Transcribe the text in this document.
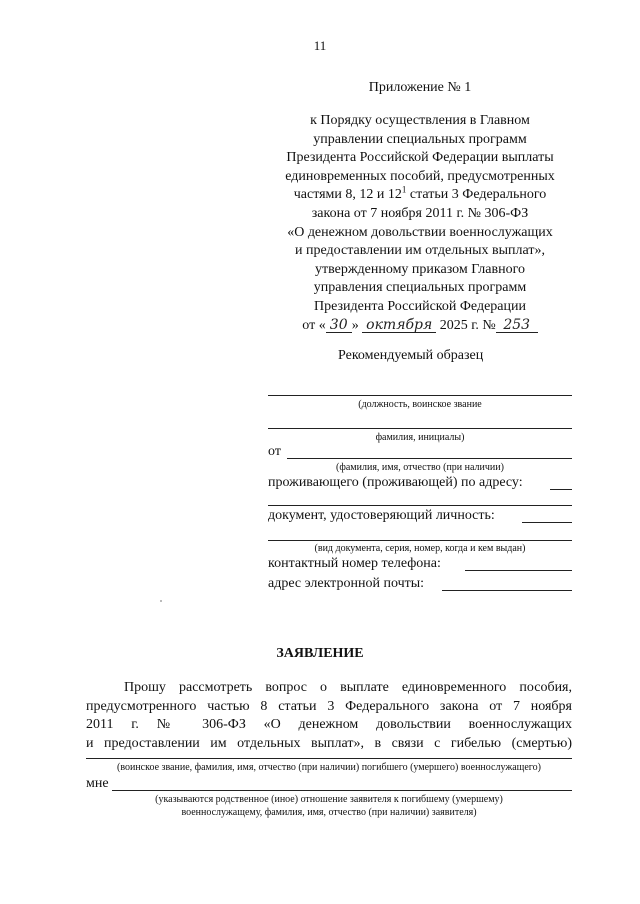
11
Приложение № 1
к Порядку осуществления в Главном
управлении специальных программ
Президента Российской Федерации выплаты
единовременных пособий, предусмотренных
частями 8, 12 и $12^1$ статьи 3 Федерального
закона от 7 ноября 2011 г. № 306-ФЗ
«О денежном довольствии военнослужащих
и предоставлении им отдельных выплат»,
утвержденному приказом Главного
управления специальных программ
Президента Российской Федерации
от « 30 » октября 2025 г. № 253
Рекомендуемый образец
(должность, воинское звание
фамилия, инициалы)
от
(фамилия, имя, отчество (при наличии)
проживающего (проживающей) по адресу:
документ, удостоверяющий личность:
(вид документа, серия, номер, когда и кем выдан)
контактный номер телефона:
адрес электронной почты:
ЗАЯВЛЕНИЕ
Прошу рассмотреть вопрос о выплате единовременного пособия,
предусмотренного частью 8 статьи 3 Федерального закона от 7 ноября
2011 г. № 306-ФЗ «О денежном довольствии военнослужащих
и предоставлении им отдельных выплат», в связи с гибелью (смертью)
(воинское звание, фамилия, имя, отчество (при наличии) погибшего (умершего) военнослужащего)
мне
(указываются родственное (иное) отношение заявителя к погибшему (умершему)
военнослужащему, фамилия, имя, отчество (при наличии) заявителя)
